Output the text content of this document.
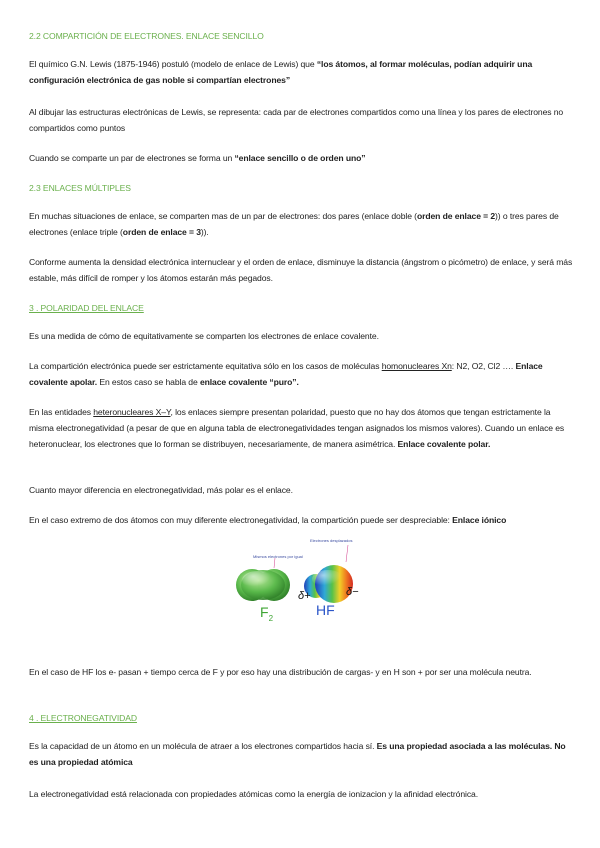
2.2 COMPARTICIÓN DE ELECTRONES. ENLACE SENCILLO
El químico G.N. Lewis (1875-1946) postuló (modelo de enlace de Lewis) que “los átomos, al formar moléculas, podían adquirir una configuración electrónica de gas noble si compartían electrones”
Al dibujar las estructuras electrónicas de Lewis, se representa: cada par de electrones compartidos como una línea y los pares de electrones no compartidos como puntos
Cuando se comparte un par de electrones se forma un “enlace sencillo o de orden uno”
2.3 ENLACES MÚLTIPLES
En muchas situaciones de enlace, se comparten mas de un par de electrones: dos pares (enlace doble (orden de enlace = 2)) o tres pares de electrones (enlace triple (orden de enlace = 3)).
Conforme aumenta la densidad electrónica internuclear y el orden de enlace, disminuye la distancia (ángstrom o picómetro) de enlace, y será más estable, más difícil de romper y los átomos estarán más pegados.
3 . POLARIDAD DEL ENLACE
Es una medida de cómo de equitativamente se comparten los electrones de enlace covalente.
La compartición electrónica puede ser estrictamente equitativa sólo en los casos de moléculas homonucleares Xn: N2, O2, Cl2 …. Enlace covalente apolar. En estos caso se habla de enlace covalente “puro”.
En las entidades heteronucleares X–Y, los enlaces siempre presentan polaridad, puesto que no hay dos átomos que tengan estrictamente la misma electronegatividad (a pesar de que en alguna tabla de electronegatividades tengan asignados los mismos valores). Cuando un enlace es heteronuclear, los electrones que lo forman se distribuyen, necesariamente, de manera asimétrica. Enlace covalente polar.
Cuanto mayor diferencia en electronegatividad, más polar es el enlace.
En el caso extremo de dos átomos con muy diferente electronegatividad, la compartición puede ser despreciable: Enlace iónico
Mismos electrones por igual
Electrones desplazados
$F_2$
HF
δ+	δ−
En el caso de HF los e- pasan + tiempo cerca de F y por eso hay una distribución de cargas- y en H son + por ser una molécula neutra.
4 . ELECTRONEGATIVIDAD
Es la capacidad de un átomo en un molécula de atraer a los electrones compartidos hacia sí. Es una propiedad asociada a las moléculas. No es una propiedad atómica
La electronegatividad está relacionada con propiedades atómicas como la energía de ionizacion y la afinidad electrónica.
